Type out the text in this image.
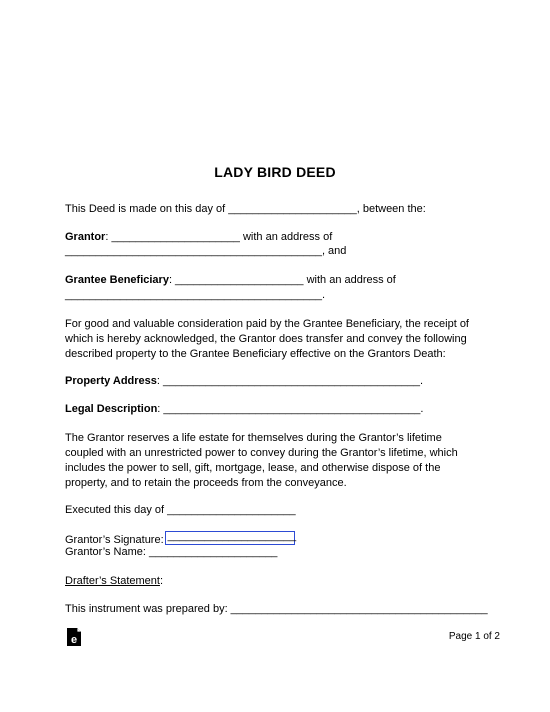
LADY BIRD DEED
This Deed is made on this day of _____________________, between the:
Grantor: _____________________ with an address of
__________________________________________, and
Grantee Beneficiary: _____________________ with an address of
__________________________________________.
For good and valuable consideration paid by the Grantee Beneficiary, the receipt of which is hereby acknowledged, the Grantor does transfer and convey the following described property to the Grantee Beneficiary effective on the Grantors Death:
Property Address: __________________________________________.
Legal Description: __________________________________________.
The Grantor reserves a life estate for themselves during the Grantor’s lifetime coupled with an unrestricted power to convey during the Grantor’s lifetime, which includes the power to sell, gift, mortgage, lease, and otherwise dispose of the property, and to retain the proceeds from the conveyance.
Executed this day of _____________________
Grantor’s Signature: _____________________
Grantor’s Name: _____________________
Drafter’s Statement:
This instrument was prepared by: __________________________________________
e	Page 1 of 2
